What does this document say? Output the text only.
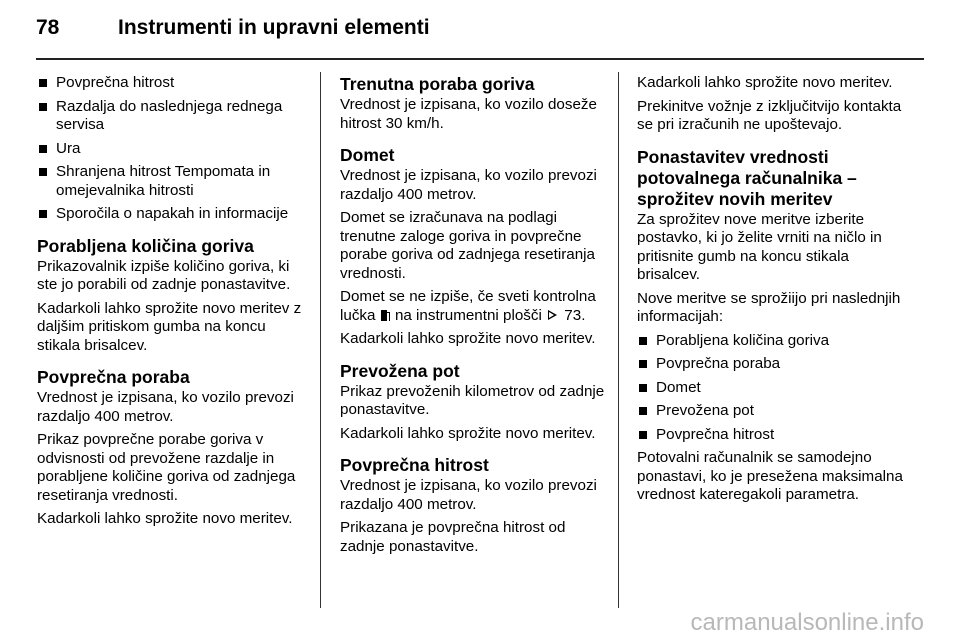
78	Instrumenti in upravni elementi
Povprečna hitrost
Razdalja do naslednjega rednega servisa
Ura
Shranjena hitrost Tempomata in omejevalnika hitrosti
Sporočila o napakah in informacije
Porabljena količina goriva

Prikazovalnik izpiše količino goriva, ki ste jo porabili od zadnje ponastavitve.

Kadarkoli lahko sprožite novo meritev z daljšim pritiskom gumba na koncu stikala brisalcev.

Povprečna poraba

Vrednost je izpisana, ko vozilo prevozi razdaljo 400 metrov.

Prikaz povprečne porabe goriva v odvisnosti od prevožene razdalje in porabljene količine goriva od zadnjega resetiranja vrednosti.

Kadarkoli lahko sprožite novo meritev.

Trenutna poraba goriva

Vrednost je izpisana, ko vozilo doseže hitrost 30 km/h.

Domet

Vrednost je izpisana, ko vozilo prevozi razdaljo 400 metrov.

Domet se izračunava na podlagi trenutne zaloge goriva in povprečne porabe goriva od zadnjega resetiranja vrednosti.

Domet se ne izpiše, če sveti kontrolna lučka na instrumentni plošči 73.

Kadarkoli lahko sprožite novo meritev.

Prevožena pot

Prikaz prevoženih kilometrov od zadnje ponastavitve.

Kadarkoli lahko sprožite novo meritev.

Povprečna hitrost

Vrednost je izpisana, ko vozilo prevozi razdaljo 400 metrov.

Prikazana je povprečna hitrost od zadnje ponastavitve.

Kadarkoli lahko sprožite novo meritev.

Prekinitve vožnje z izključitvijo kontakta se pri izračunih ne upoštevajo.

Ponastavitev vrednosti potovalnega računalnika – sprožitev novih meritev

Za sprožitev nove meritve izberite postavko, ki jo želite vrniti na ničlo in pritisnite gumb na koncu stikala brisalcev.

Nove meritve se sprožiijo pri naslednjih informacijah:

Porabljena količina goriva
Povprečna poraba
Domet
Prevožena pot
Povprečna hitrost

Potovalni računalnik se samodejno ponastavi, ko je presežena maksimalna vrednost kateregakoli parametra.

carmanualsonline.info
